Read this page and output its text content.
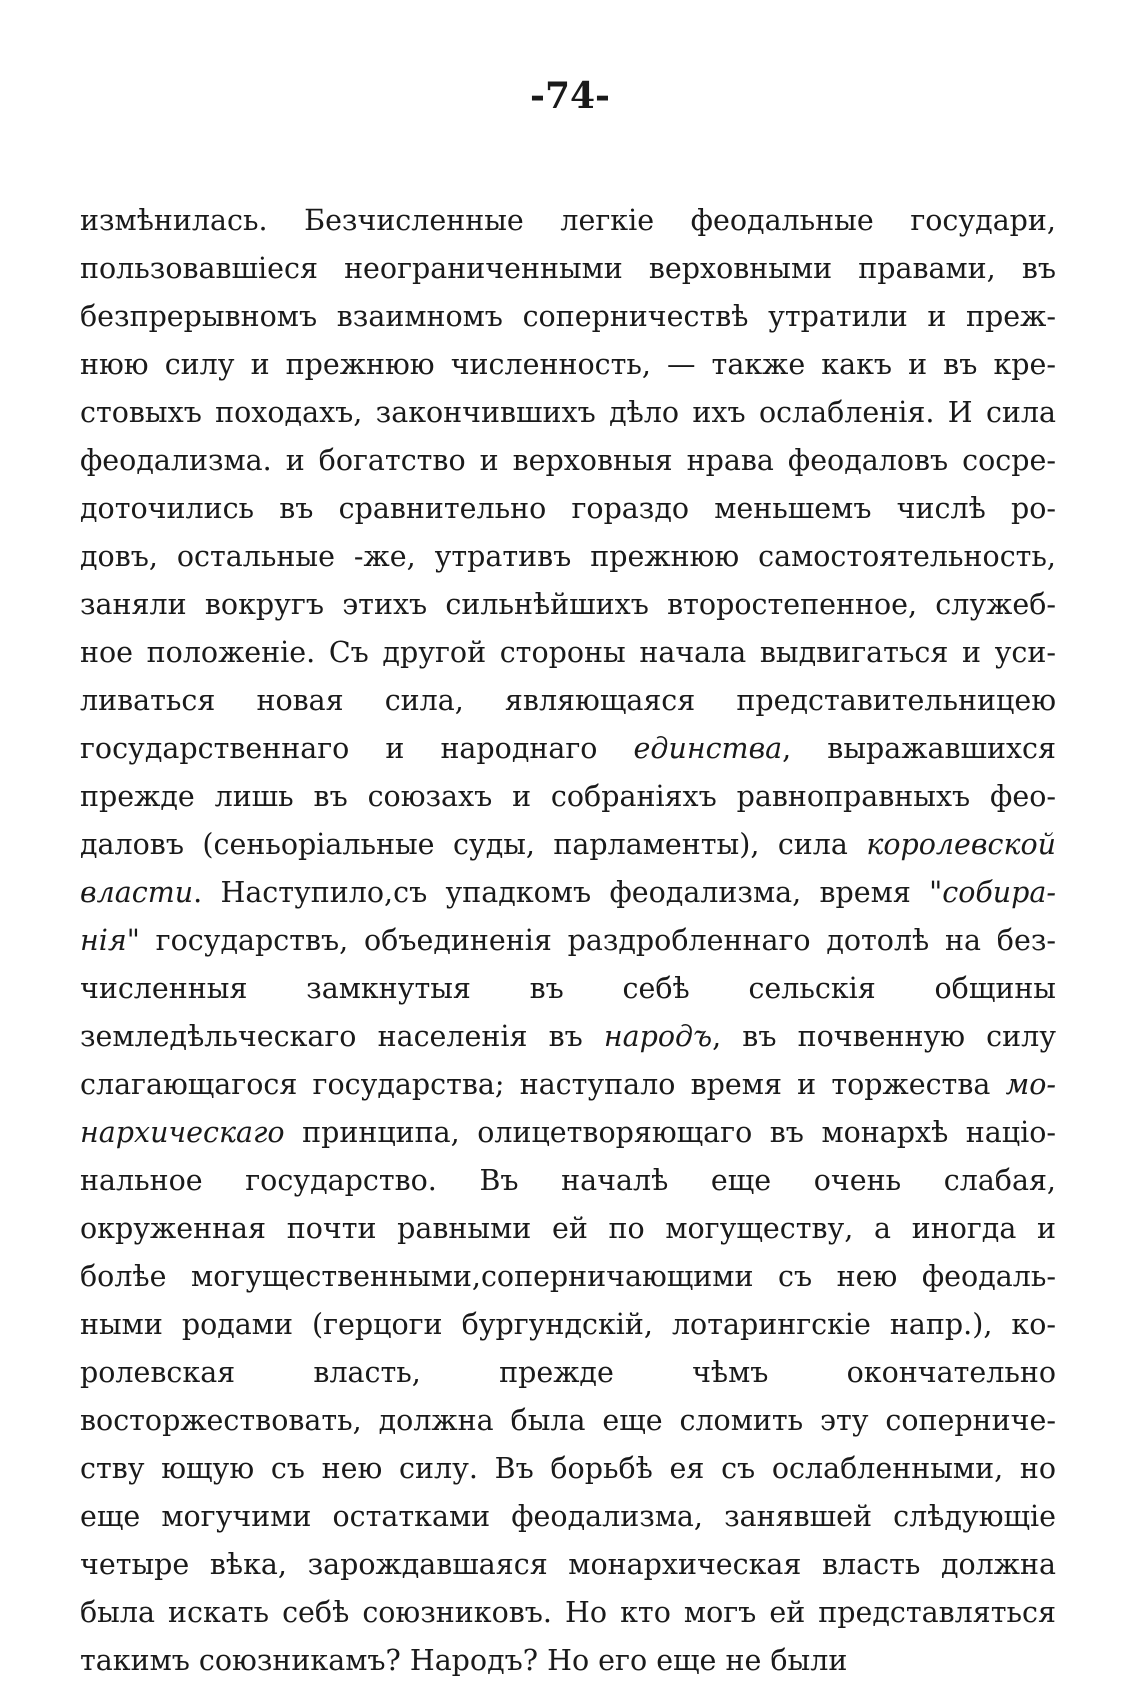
-74-
измѣнилась. Безчисленные легкіе феодальные государи,
пользовавшіеся неограниченными верховными правами, въ
безпрерывномъ взаимномъ соперничествѣ утратили и преж-
нюю силу и прежнюю численность, — также какъ и въ кре-
стовыхъ походахъ, закончившихъ дѣло ихъ ослабленія. И сила
феодализма. и богатство и верховныя нрава феодаловъ сосре-
доточились въ сравнительно гораздо меньшемъ числѣ ро-
довъ, остальные -же, утративъ прежнюю самостоятельность,
заняли вокругъ этихъ сильнѣйшихъ второстепенное, служеб-
ное положеніе. Съ другой стороны начала выдвигаться и уси-
ливаться новая сила, являющаяся представительницею
государственнаго и народнаго единства, выражавшихся
прежде лишь въ союзахъ и собраніяхъ равноправныхъ фео-
даловъ (сеньоріальные суды, парламенты), сила королевской
власти. Наступило,съ упадкомъ феодализма, время "собира-
нія" государствъ, объединенія раздробленнаго дотолѣ на без-
численныя замкнутыя въ себѣ сельскія общины
земледѣльческаго населенія въ народъ, въ почвенную силу
слагающагося государства; наступало время и торжества мо-
нархическаго принципа, олицетворяющаго въ монархѣ націо-
нальное государство. Въ началѣ еще очень слабая,
окруженная почти равными ей по могуществу, а иногда и
болѣе могущественными,соперничающими съ нею феодаль-
ными родами (герцоги бургундскій, лотарингскіе напр.), ко-
ролевская власть, прежде чѣмъ окончательно
восторжествовать, должна была еще сломить эту соперниче-
ству ющую съ нею силу. Въ борьбѣ ея съ ослабленными, но
еще могучими остатками феодализма, занявшей слѣдующіе
четыре вѣка, зарождавшаяся монархическая власть должна
была искать себѣ союзниковъ. Но кто могъ ей представляться
такимъ союзникамъ? Народъ? Но его еще не были
